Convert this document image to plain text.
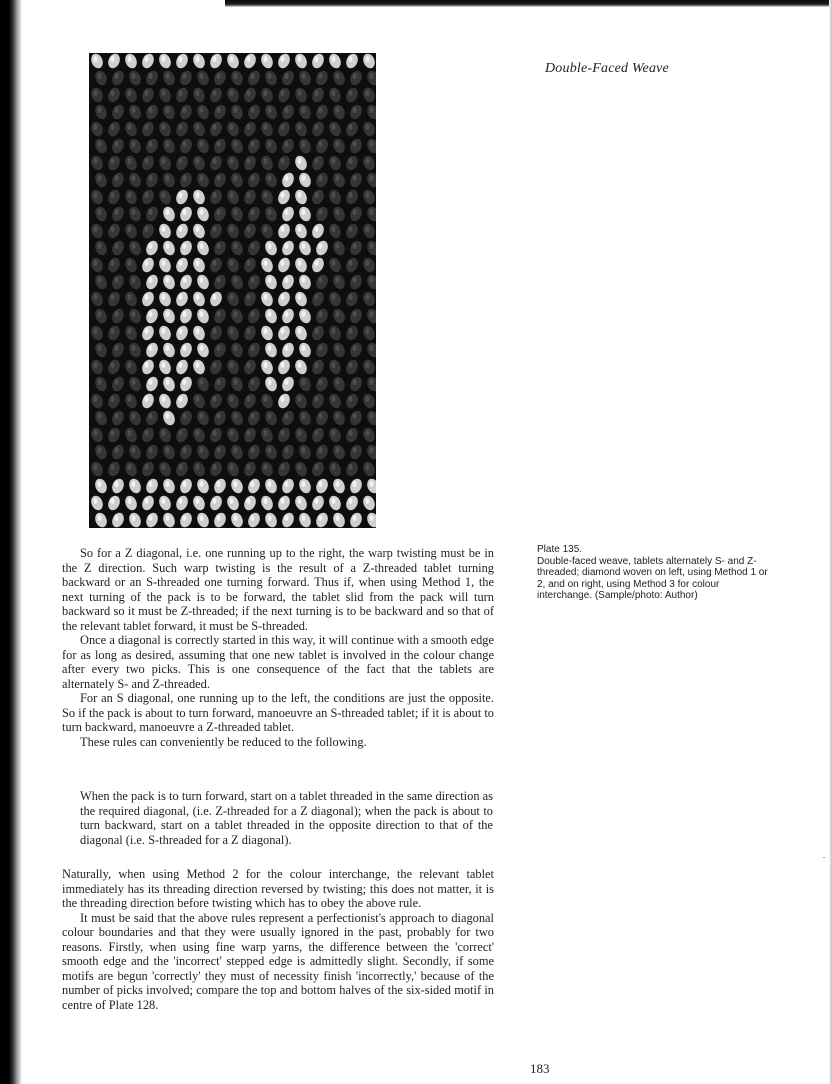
Double-Faced Weave
Plate 135.
Double-faced weave, tablets alternately S- and Z-threaded; diamond woven on left, using Method 1 or 2, and on right, using Method 3 for colour interchange. (Sample/photo: Author)

So for a Z diagonal, i.e. one running up to the right, the warp twisting must be in the Z direction. Such warp twisting is the result of a Z-threaded tablet turning backward or an S-threaded one turning forward. Thus if, when using Method 1, the next turning of the pack is to be forward, the tablet slid from the pack will turn backward so it must be Z-threaded; if the next turning is to be backward and so that of the relevant tablet forward, it must be S-threaded.

Once a diagonal is correctly started in this way, it will continue with a smooth edge for as long as desired, assuming that one new tablet is involved in the colour change after every two picks. This is one consequence of the fact that the tablets are alternately S- and Z-threaded.

For an S diagonal, one running up to the left, the conditions are just the opposite. So if the pack is about to turn forward, manoeuvre an S-threaded tablet; if it is about to turn backward, manoeuvre a Z-threaded tablet.

These rules can conveniently be reduced to the following.

When the pack is to turn forward, start on a tablet threaded in the same direction as the required diagonal, (i.e. Z-threaded for a Z diagonal); when the pack is about to turn backward, start on a tablet threaded in the opposite direction to that of the diagonal (i.e. S-threaded for a Z diagonal).

Naturally, when using Method 2 for the colour interchange, the relevant tablet immediately has its threading direction reversed by twisting; this does not matter, it is the threading direction before twisting which has to obey the above rule.

It must be said that the above rules represent a perfectionist's approach to diagonal colour boundaries and that they were usually ignored in the past, probably for two reasons. Firstly, when using fine warp yarns, the difference between the 'correct' smooth edge and the 'incorrect' stepped edge is admittedly slight. Secondly, if some motifs are begun 'correctly' they must of necessity finish 'incorrectly,' because of the number of picks involved; compare the top and bottom halves of the six-sided motif in centre of Plate 128.

183
